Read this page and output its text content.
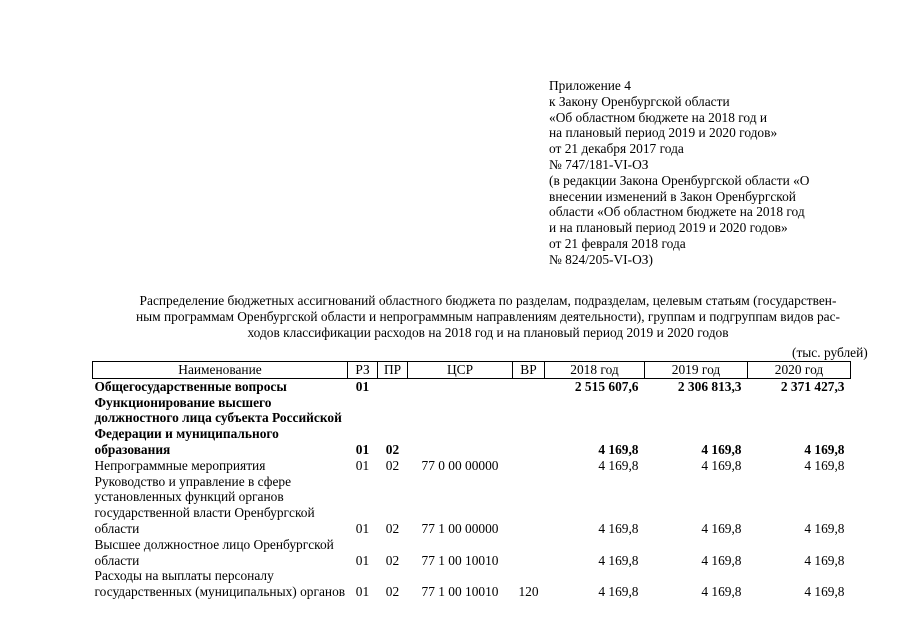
Приложение 4
к Закону Оренбургской области
«Об областном бюджете на 2018 год и
на плановый период 2019 и 2020 годов»
от 21 декабря 2017 года
№ 747/181-VI-ОЗ
(в редакции Закона Оренбургской области «О
внесении изменений в Закон Оренбургской
области «Об областном бюджете на 2018 год
и на плановый период 2019 и 2020 годов»
от 21 февраля 2018 года
№ 824/205-VI-ОЗ)
Распределение бюджетных ассигнований областного бюджета по разделам, подразделам, целевым статьям (государствен-
ным программам Оренбургской области и непрограммным направлениям деятельности), группам и подгруппам видов рас-
ходов классификации расходов на 2018 год и на плановый период 2019 и 2020 годов
(тыс. рублей)
Наименование	РЗ	ПР	ЦСР	ВР	2018 год	2019 год	2020 год
Общегосударственные вопросы	01				2 515 607,6	2 306 813,3	2 371 427,3
Функционирование высшего должностного лица субъекта Российской Федерации и муниципального образования	01	02			4 169,8	4 169,8	4 169,8
Непрограммные мероприятия	01	02	77 0 00 00000		4 169,8	4 169,8	4 169,8
Руководство и управление в сфере установленных функций органов государственной власти Оренбургской области	01	02	77 1 00 00000		4 169,8	4 169,8	4 169,8
Высшее должностное лицо Оренбургской области	01	02	77 1 00 10010		4 169,8	4 169,8	4 169,8
Расходы на выплаты персоналу государственных (муниципальных) органов	01	02	77 1 00 10010	120	4 169,8	4 169,8	4 169,8
